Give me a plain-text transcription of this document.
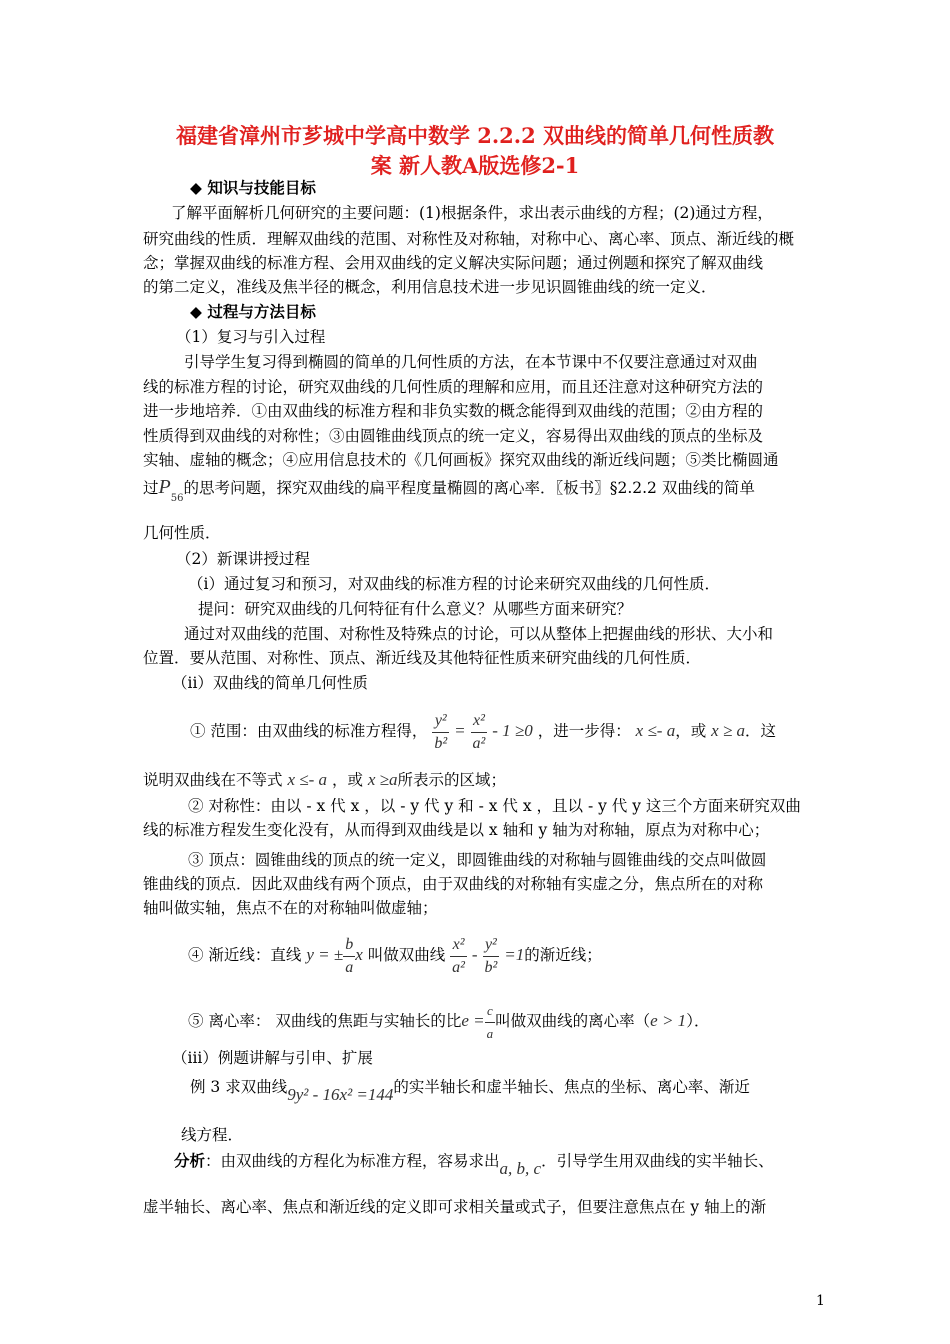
福建省漳州市芗城中学高中数学 2.2.2 双曲线的简单几何性质教
案 新人教A版选修2-1
◆ 知识与技能目标
了解平面解析几何研究的主要问题：(1)根据条件，求出表示曲线的方程；(2)通过方程，
研究曲线的性质．理解双曲线的范围、对称性及对称轴，对称中心、离心率、顶点、渐近线的概
念；掌握双曲线的标准方程、会用双曲线的定义解决实际问题；通过例题和探究了解双曲线
的第二定义，准线及焦半径的概念，利用信息技术进一步见识圆锥曲线的统一定义．
◆ 过程与方法目标
（1）复习与引入过程
引导学生复习得到椭圆的简单的几何性质的方法，在本节课中不仅要注意通过对双曲
线的标准方程的讨论，研究双曲线的几何性质的理解和应用，而且还注意对这种研究方法的
进一步地培养．①由双曲线的标准方程和非负实数的概念能得到双曲线的范围；②由方程的
性质得到双曲线的对称性；③由圆锥曲线顶点的统一定义，容易得出双曲线的顶点的坐标及
实轴、虚轴的概念；④应用信息技术的《几何画板》探究双曲线的渐近线问题；⑤类比椭圆通
过$P_{56}$的思考问题，探究双曲线的扁平程度量椭圆的离心率．〖板书〗§2.2.2 双曲线的简单
几何性质．
（2）新课讲授过程
（i）通过复习和预习，对双曲线的标准方程的讨论来研究双曲线的几何性质．
提问：研究双曲线的几何特征有什么意义？从哪些方面来研究？
通过对双曲线的范围、对称性及特殊点的讨论，可以从整体上把握曲线的形状、大小和
位置．要从范围、对称性、顶点、渐近线及其他特征性质来研究曲线的几何性质．
（ii）双曲线的简单几何性质
① 范围：由双曲线的标准方程得， $\frac{\text{y²}}{\text{b²}} = \frac{\text{x²}}{\text{a²}} - 1 \ge 0$ ，进一步得： x ≤- a，或 x ≥ a．这
说明双曲线在不等式 x ≤- a ，或 x ≥a所表示的区域；
② 对称性：由以 - x 代 x ，以 - y 代 y 和 - x 代 x ，且以 - y 代 y 这三个方面来研究双曲
线的标准方程发生变化没有，从而得到双曲线是以 x 轴和 y 轴为对称轴，原点为对称中心；
③ 顶点：圆锥曲线的顶点的统一定义，即圆锥曲线的对称轴与圆锥曲线的交点叫做圆
锥曲线的顶点．因此双曲线有两个顶点，由于双曲线的对称轴有实虚之分，焦点所在的对称
轴叫做实轴，焦点不在的对称轴叫做虚轴；
④ 渐近线：直线 y = ± $\frac{b}{a}$ x 叫做双曲线 $\frac{\text{x²}}{\text{a²}} - \frac{\text{y²}}{\text{b²}} =1$的渐近线；
⑤ 离心率： 双曲线的焦距与实轴长的比$e = \frac{c}{a}$ 叫做双曲线的离心率（e > 1）．
（iii）例题讲解与引申、扩展
例 3 求双曲线9y² - 16x² =144的实半轴长和虚半轴长、焦点的坐标、离心率、渐近
线方程．
分析：由双曲线的方程化为标准方程，容易求出a, b, c．引导学生用双曲线的实半轴长、
虚半轴长、离心率、焦点和渐近线的定义即可求相关量或式子，但要注意焦点在 y 轴上的渐
1
